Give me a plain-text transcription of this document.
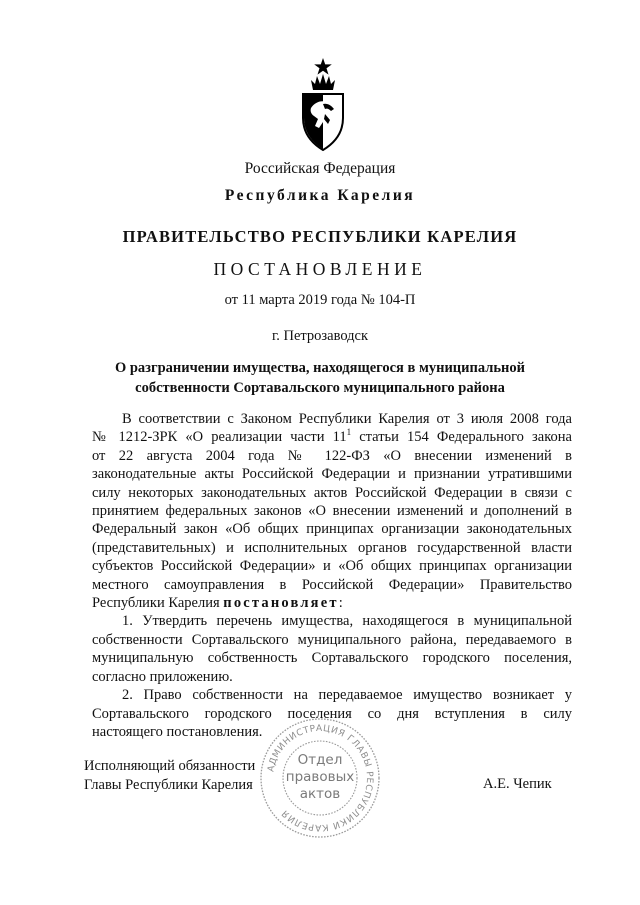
Российская Федерация
Республика Карелия
ПРАВИТЕЛЬСТВО РЕСПУБЛИКИ КАРЕЛИЯ
ПОСТАНОВЛЕНИЕ
от 11 марта 2019 года № 104-П
г. Петрозаводск
О разграничении имущества, находящегося в муниципальной
собственности Сортавальского муниципального района

В соответствии с Законом Республики Карелия от 3 июля 2008 года
№ 1212-ЗРК «О реализации части $11^1$ статьи 154 Федерального закона
от 22 августа 2004 года № 122-ФЗ «О внесении изменений в
законодательные акты Российской Федерации и признании утратившими
силу некоторых законодательных актов Российской Федерации в связи с
принятием федеральных законов «О внесении изменений и дополнений в
Федеральный закон «Об общих принципах организации законодательных
(представительных) и исполнительных органов государственной власти
субъектов Российской Федерации» и «Об общих принципах организации
местного самоуправления в Российской Федерации» Правительство
Республики Карелия постановляет:

1. Утвердить перечень имущества, находящегося в муниципальной
собственности Сортавальского муниципального района, передаваемого в
муниципальную собственность Сортавальского городского поселения,
согласно приложению.

2. Право собственности на передаваемое имущество возникает у
Сортавальского городского поселения со дня вступления в силу
настоящего постановления.

Исполняющий обязанности
Главы Республики Карелия	А.Е. Чепик
АДМИНИСТРАЦИЯ ГЛАВЫ РЕСПУБЛИКИ КАРЕЛИЯ
Отдел
правовых
актов
